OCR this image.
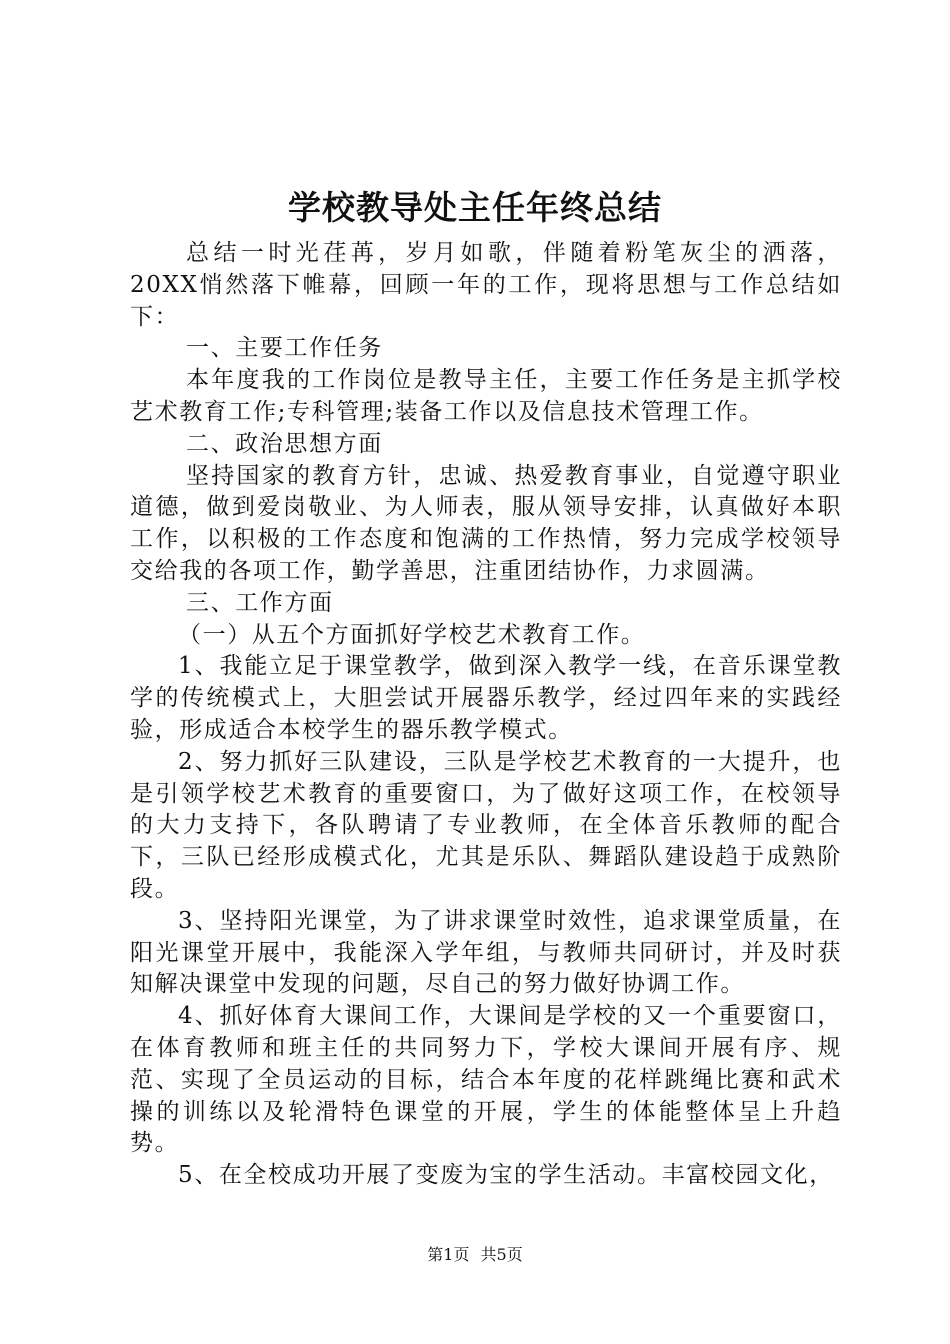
学校教导处主任年终总结

总结一时光荏苒，岁月如歌，伴随着粉笔灰尘的洒落，20XX悄然落下帷幕，回顾一年的工作，现将思想与工作总结如下：

一、主要工作任务

本年度我的工作岗位是教导主任，主要工作任务是主抓学校艺术教育工作;专科管理;装备工作以及信息技术管理工作。

二、政治思想方面

坚持国家的教育方针，忠诚、热爱教育事业，自觉遵守职业道德，做到爱岗敬业、为人师表，服从领导安排，认真做好本职工作，以积极的工作态度和饱满的工作热情，努力完成学校领导交给我的各项工作，勤学善思，注重团结协作，力求圆满。

三、工作方面

（一）从五个方面抓好学校艺术教育工作。

1、我能立足于课堂教学，做到深入教学一线，在音乐课堂教学的传统模式上，大胆尝试开展器乐教学，经过四年来的实践经验，形成适合本校学生的器乐教学模式。

2、努力抓好三队建设，三队是学校艺术教育的一大提升，也是引领学校艺术教育的重要窗口，为了做好这项工作，在校领导的大力支持下，各队聘请了专业教师，在全体音乐教师的配合下，三队已经形成模式化，尤其是乐队、舞蹈队建设趋于成熟阶段。

3、坚持阳光课堂，为了讲求课堂时效性，追求课堂质量，在阳光课堂开展中，我能深入学年组，与教师共同研讨，并及时获知解决课堂中发现的问题，尽自己的努力做好协调工作。

4、抓好体育大课间工作，大课间是学校的又一个重要窗口，在体育教师和班主任的共同努力下，学校大课间开展有序、规范、实现了全员运动的目标，结合本年度的花样跳绳比赛和武术操的训练以及轮滑特色课堂的开展，学生的体能整体呈上升趋势。

5、在全校成功开展了变废为宝的学生活动。丰富校园文化，

第1页 共5页
